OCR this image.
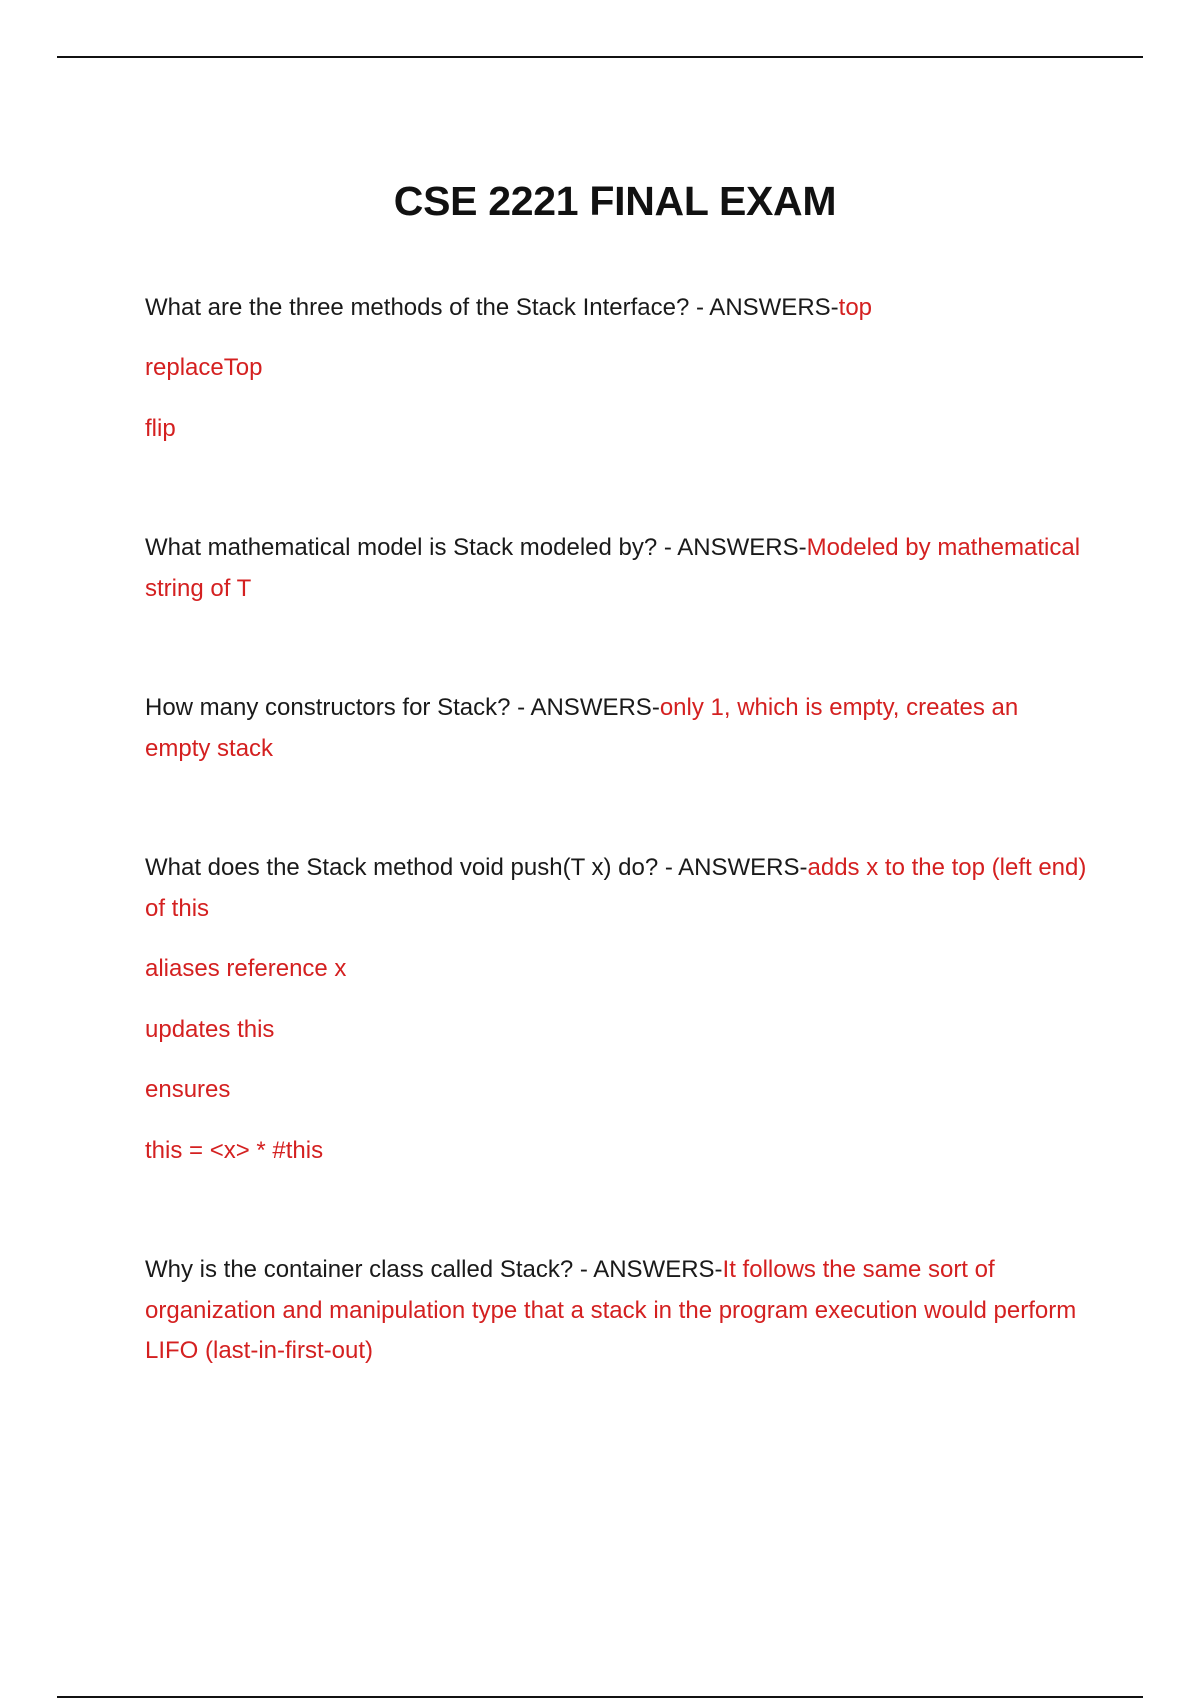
CSE 2221 FINAL EXAM
What are the three methods of the Stack Interface? - ANSWERS-top
replaceTop
flip
What mathematical model is Stack modeled by? - ANSWERS-Modeled by mathematical string of T
How many constructors for Stack? - ANSWERS-only 1, which is empty, creates an empty stack
What does the Stack method void push(T x) do? - ANSWERS-adds x to the top (left end) of this
aliases reference x
updates this
ensures
this = <x> * #this
Why is the container class called Stack? - ANSWERS-It follows the same sort of organization and manipulation type that a stack in the program execution would perform LIFO (last-in-first-out)
